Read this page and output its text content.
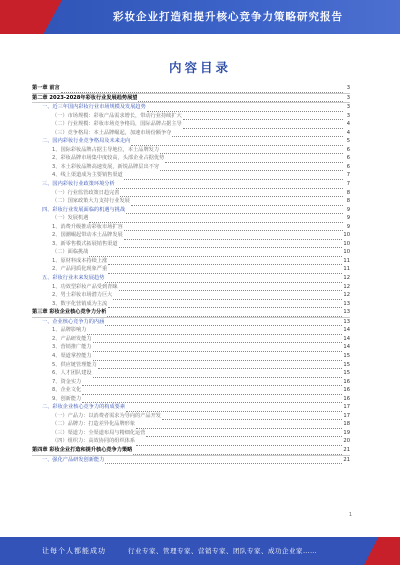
彩妆企业打造和提升核心竞争力策略研究报告
内容目录
第一章 前言	3
第二章 2023-2028年彩妆行业发展趋势展望	3
一、近三年国内彩妆行业市场规模及发展趋势	3
（一）市场规模：彩妆产品需求增长，带动行业持续扩大	3
（二）行业规模：彩妆市场竞争格局，国际品牌占据主导	4
（三）竞争格局：本土品牌崛起，加速市场份额争夺	4
二、国内彩妆行业竞争格局及未来走向	5
1、国际彩妆品牌占据主导地位，本土品牌发力	6
2、彩妆品牌市场集中度较高，头部企业占据优势	6
3、本土彩妆品牌高速发展，新锐品牌层出不穷	6
4、线上渠道成为主要销售渠道	7
三、国内彩妆行业政策环境分析	7
（一）行业监管政策日趋完善	8
（二）国家政策大力支持行业发展	8
四、彩妆行业发展面临的机遇与挑战	9
（一）发展机遇	9
1、消费升级推动彩妆市场扩容	9
2、国潮崛起带动本土品牌发展	10
3、新零售模式拓展销售渠道	10
（二）面临挑战	10
1、原材料成本持续上涨	11
2、产品同质化现象严重	11
五、彩妆行业未来发展趋势	12
1、功效型彩妆产品受到青睐	12
2、男士彩妆市场潜力巨大	12
3、数字化营销成为主流	13
第三章 彩妆企业核心竞争力分析	13
一、企业核心竞争力的内涵	13
1、品牌影响力	14
2、产品研发能力	14
3、营销推广能力	14
4、渠道掌控能力	15
5、供应链管理能力	15
6、人才团队建设	15
7、资金实力	16
8、企业文化	16
9、创新能力	16
二、彩妆企业核心竞争力的构成要素	17
（一）产品力：以消费者需求为导向的产品开发	17
（二）品牌力：打造差异化品牌形象	18
（三）渠道力：全渠道布局与精细化运营	19
（四）组织力：高效协同的组织体系	20
第四章 彩妆企业打造和提升核心竞争力策略	21
一、强化产品研发创新能力	21
1
让每个人都能成功	行业专家、管理专家、营销专家、团队专家、成功企业家……
